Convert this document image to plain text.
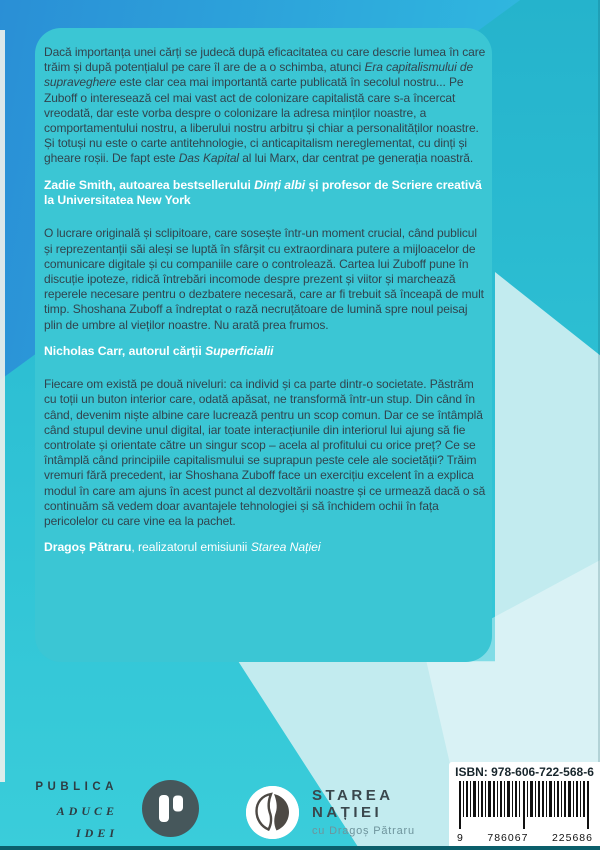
Dacă importanța unei cărți se judecă după eficacitatea cu care descrie lumea în care trăim și după potențialul pe care îl are de a o schimba, atunci Era capitalismului de supraveghere este clar cea mai importantă carte publicată în secolul nostru... Pe Zuboff o interesează cel mai vast act de colonizare capitalistă care s-a încercat vreodată, dar este vorba despre o colonizare la adresa minților noastre, a comportamentului nostru, a liberului nostru arbitru și chiar a personalităților noastre. Și totuși nu este o carte antitehnologie, ci anticapitalism nereglementat, cu dinți și gheare roșii. De fapt este Das Kapital al lui Marx, dar centrat pe generația noastră.

Zadie Smith, autoarea bestsellerului Dinți albi și profesor de Scriere creativă la Universitatea New York

O lucrare originală și sclipitoare, care sosește într-un moment crucial, când publicul și reprezentanții săi aleși se luptă în sfârșit cu extraordinara putere a mijloacelor de comunicare digitale și cu companiile care o controlează. Cartea lui Zuboff pune în discuție ipoteze, ridică întrebări incomode despre prezent și viitor și marchează reperele necesare pentru o dezbatere necesară, care ar fi trebuit să înceapă de mult timp. Shoshana Zuboff a îndreptat o rază necruțătoare de lumină spre noul peisaj plin de umbre al vieților noastre. Nu arată prea frumos.

Nicholas Carr, autorul cărții Superficialii

Fiecare om există pe două niveluri: ca individ și ca parte dintr-o societate. Păstrăm cu toții un buton interior care, odată apăsat, ne transformă într-un stup. Din când în când, devenim niște albine care lucrează pentru un scop comun. Dar ce se întâmplă când stupul devine unul digital, iar toate interacțiunile din interiorul lui ajung să fie controlate și orientate către un singur scop – acela al profitului cu orice preț? Ce se întâmplă când principiile capitalismului se suprapun peste cele ale societății? Trăim vremuri fără precedent, iar Shoshana Zuboff face un exercițiu excelent în a explica modul în care am ajuns în acest punct al dezvoltării noastre și ce urmează dacă o să continuăm să vedem doar avantajele tehnologiei și să închidem ochii în fața pericolelor cu care vine ea la pachet.

Dragoș Pătraru, realizatorul emisiunii Starea Nației

PUBLICA
ADUCE
IDEI
STAREA
NAȚIEI
cu Dragoș Pătraru
ISBN: 978-606-722-568-6
9 786067 225686
